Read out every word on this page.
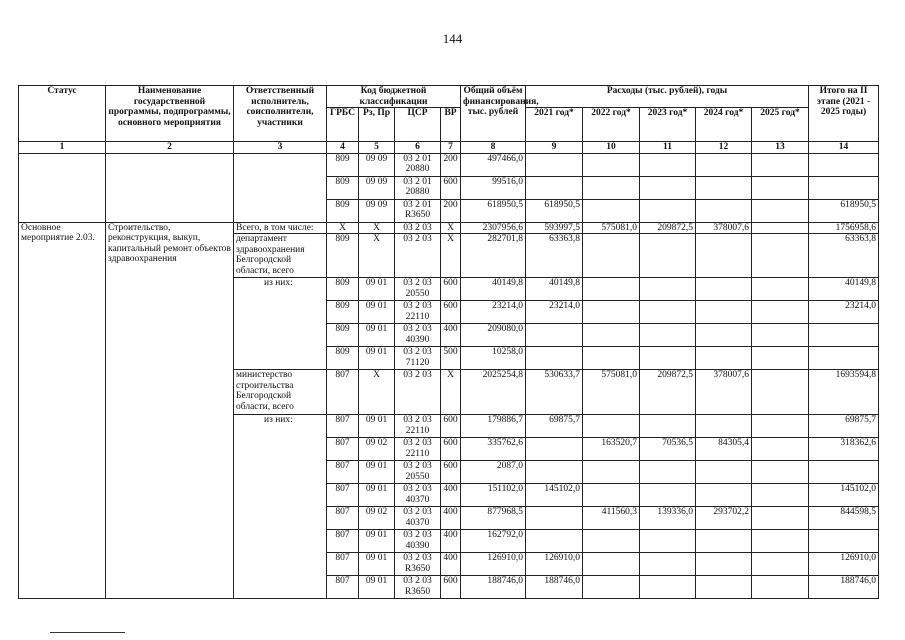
144
Статус	Наименование государственной программы, подпрограммы, основного мероприятия	Ответственный исполнитель, соисполнители, участники	Код бюджетной классификации				Общий объём финансирования, тыс. рублей	Расходы (тыс. рублей), годы					Итого на II этапе (2021 - 2025 годы)
			ГРБС	Рз, Пр	ЦСР	ВР		2021 год*	2022 год*	2023 год*	2024 год*	2025 год*	
1	2	3	4	5	6	7	8	9	10	11	12	13	14
			809	09 09	03 2 01 20880	200	497466,0						
			809	09 09	03 2 01 20880	600	99516,0						
			809	09 09	03 2 01 R3650	200	618950,5	618950,5					618950,5
Основное мероприятие 2.03.	Строительство, реконструкция, выкуп, капитальный ремонт объектов здравоохранения	Всего, в том числе:	X	X	03 2 03	X	2307956,6	593997,5	575081,0	209872,5	378007,6		1756958,6
		департамент здравоохранения Белгородской области, всего	809	X	03 2 03	X	282701,8	63363,8					63363,8
		из них:	809	09 01	03 2 03 20550	600	40149,8	40149,8					40149,8
			809	09 01	03 2 03 22110	600	23214,0	23214,0					23214,0
			809	09 01	03 2 03 40390	400	209080,0						
			809	09 01	03 2 03 71120	500	10258,0						
		министерство строительства Белгородской области, всего	807	X	03 2 03	X	2025254,8	530633,7	575081,0	209872,5	378007,6		1693594,8
		из них:	807	09 01	03 2 03 22110	600	179886,7	69875,7					69875,7
			807	09 02	03 2 03 22110	600	335762,6		163520,7	70536,5	84305,4		318362,6
			807	09 01	03 2 03 20550	600	2087,0						
			807	09 01	03 2 03 40370	400	151102,0	145102,0					145102,0
			807	09 02	03 2 03 40370	400	877968,5		411560,3	139336,0	293702,2		844598,5
			807	09 01	03 2 03 40390	400	162792,0						
			807	09 01	03 2 03 R3650	400	126910,0	126910,0					126910,0
			807	09 01	03 2 03 R3650	600	188746,0	188746,0					188746,0
